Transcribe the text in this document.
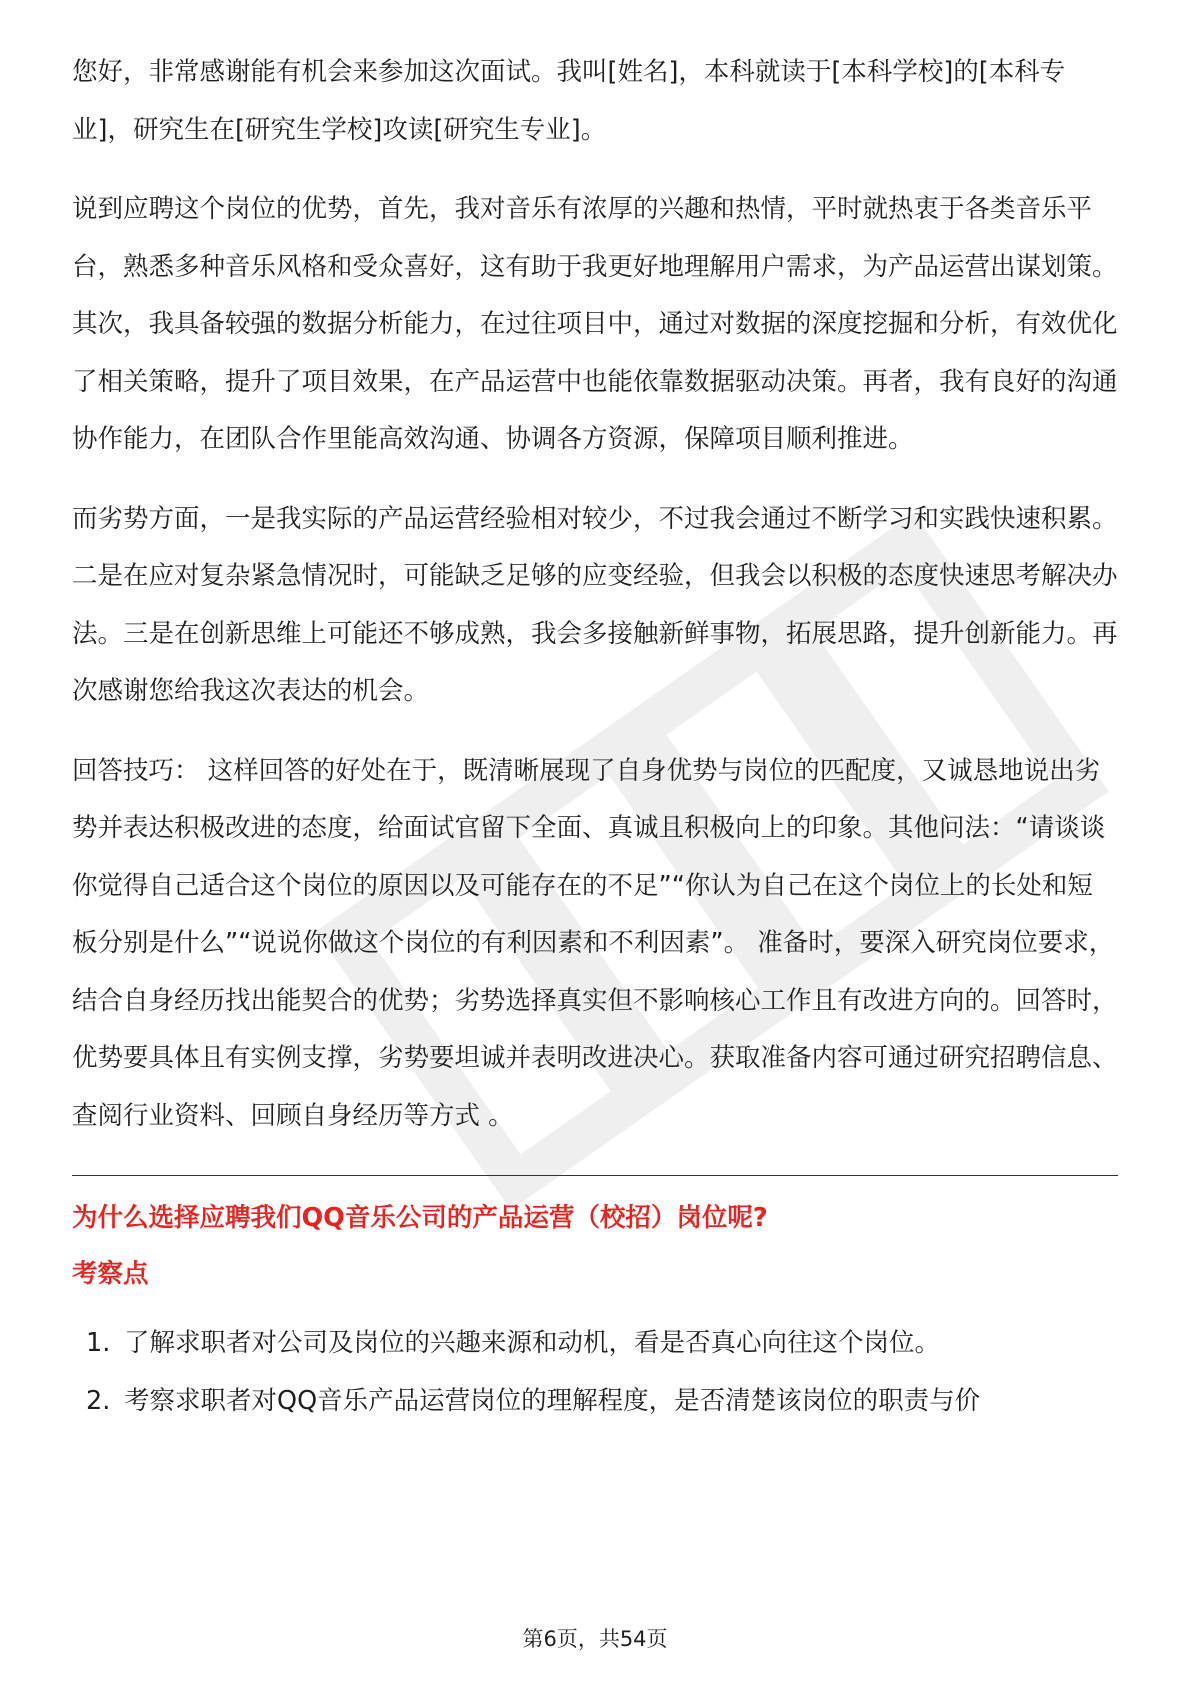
您好，非常感谢能有机会来参加这次面试。我叫[姓名]，本科就读于[本科学校]的[本科专业]，研究生在[研究生学校]攻读[研究生专业]。

说到应聘这个岗位的优势，首先，我对音乐有浓厚的兴趣和热情，平时就热衷于各类音乐平台，熟悉多种音乐风格和受众喜好，这有助于我更好地理解用户需求，为产品运营出谋划策。其次，我具备较强的数据分析能力，在过往项目中，通过对数据的深度挖掘和分析，有效优化了相关策略，提升了项目效果，在产品运营中也能依靠数据驱动决策。再者，我有良好的沟通协作能力，在团队合作里能高效沟通、协调各方资源，保障项目顺利推进。

而劣势方面，一是我实际的产品运营经验相对较少，不过我会通过不断学习和实践快速积累。二是在应对复杂紧急情况时，可能缺乏足够的应变经验，但我会以积极的态度快速思考解决办法。三是在创新思维上可能还不够成熟，我会多接触新鲜事物，拓展思路，提升创新能力。再次感谢您给我这次表达的机会。

回答技巧： 这样回答的好处在于，既清晰展现了自身优势与岗位的匹配度，又诚恳地说出劣势并表达积极改进的态度，给面试官留下全面、真诚且积极向上的印象。其他问法：“请谈谈你觉得自己适合这个岗位的原因以及可能存在的不足”“你认为自己在这个岗位上的长处和短板分别是什么”“说说你做这个岗位的有利因素和不利因素”。 准备时，要深入研究岗位要求，结合自身经历找出能契合的优势；劣势选择真实但不影响核心工作且有改进方向的。回答时，优势要具体且有实例支撑，劣势要坦诚并表明改进决心。获取准备内容可通过研究招聘信息、查阅行业资料、回顾自身经历等方式 。

为什么选择应聘我们QQ音乐公司的产品运营（校招）岗位呢?
考察点
1. 了解求职者对公司及岗位的兴趣来源和动机，看是否真心向往这个岗位。
2. 考察求职者对QQ音乐产品运营岗位的理解程度，是否清楚该岗位的职责与价
第6页，共54页
